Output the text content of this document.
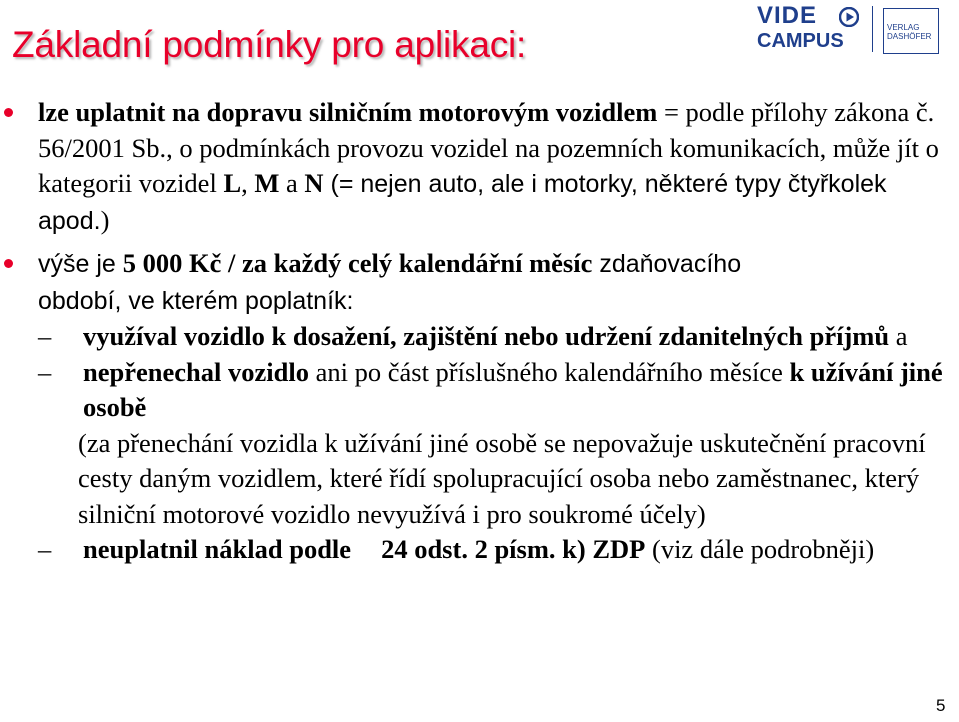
Základní podmínky pro aplikaci:
VIDE
CAMPUS
VERLAG
DASHÖFER

lze uplatnit na dopravu silničním motorovým vozidlem = podle přílohy zákona č. 56/2001 Sb., o podmínkách provozu vozidel na pozemních komunikacích, může jít o kategorii vozidel L, M a N (= nejen auto, ale i motorky, některé typy čtyřkolek apod.)

výše je 5 000 Kč / za každý celý kalendářní měsíc zdaňovacího
období, ve kterém poplatník:

– využíval vozidlo k dosažení, zajištění nebo udržení zdanitelných příjmů a

– nepřenechal vozidlo ani po část příslušného kalendářního měsíce k užívání jiné osobě

(za přenechání vozidla k užívání jiné osobě se nepovažuje uskutečnění pracovní cesty daným vozidlem, které řídí spolupracující osoba nebo zaměstnanec, který silniční motorové vozidlo nevyužívá i pro soukromé účely)

– neuplatnil náklad podle 24 odst. 2 písm. k) ZDP (viz dále podrobněji)

5
